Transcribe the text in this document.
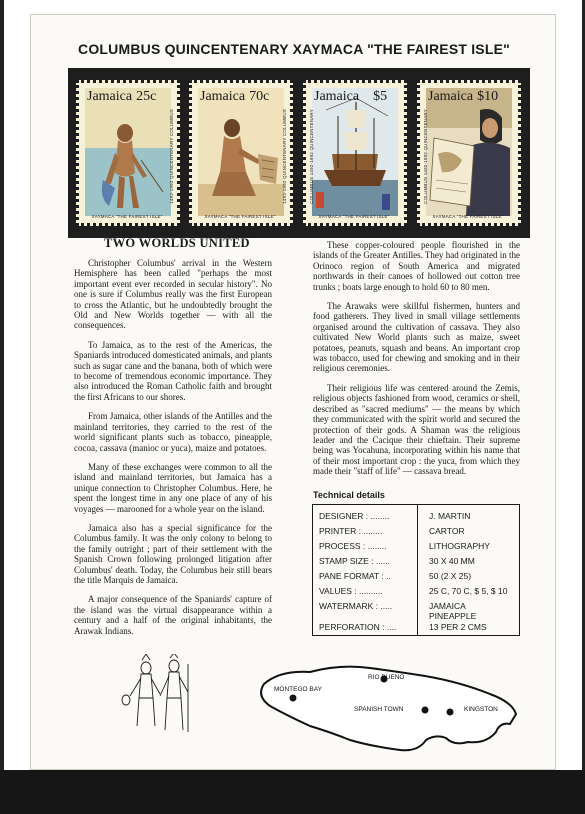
COLUMBUS QUINCENTENARY XAYMACA "THE FAIREST ISLE"
Jamaica 25c
1492-1992 QUINCENTENARY COLUMBUS
XAYMACA "THE FAIREST ISLE"
Jamaica 70c
1492-1992 QUINCENTENARY COLUMBUS
XAYMACA "THE FAIREST ISLE"
Jamaica $5
COLUMBUS 1492-1992 QUINCENTENARY
XAYMACA "THE FAIREST ISLE"
Jamaica $10
COLUMBUS 1492-1992 QUINCENTENARY
XAYMACA "THE FAIREST ISLE"
TWO WORLDS UNITED

Christopher Columbus' arrival in the Western Hemisphere has been called "perhaps the most important event ever recorded in secular history". No one is sure if Columbus really was the first European to cross the Atlantic, but he undoubtedly brought the Old and New Worlds together — with all the consequences.

To Jamaica, as to the rest of the Americas, the Spaniards introduced domesticated animals, and plants such as sugar cane and the banana, both of which were to become of tremendous economic importance. They also introduced the Roman Catholic faith and brought the first Africans to our shores.

From Jamaica, other islands of the Antilles and the mainland territories, they carried to the rest of the world significant plants such as tobacco, pineapple, cocoa, cassava (manioc or yuca), maize and potatoes.

Many of these exchanges were common to all the island and mainland territories, but Jamaica has a unique connection to Christopher Columbus. Here, he spent the longest time in any one place of any of his voyages — marooned for a whole year on the island.

Jamaica also has a special significance for the Columbus family. It was the only colony to belong to the family outright ; part of their settlement with the Spanish Crown following prolonged litigation after Columbus' death. Today, the Columbus heir still bears the title Marquis de Jamaica.

A major consequence of the Spaniards' capture of the island was the virtual disappearance within a century and a half of the original inhabitants, the Arawak Indians.

These copper-coloured people flourished in the islands of the Greater Antilles. They had originated in the Orinoco region of South America and migrated northwards in their canoes of hollowed out cotton tree trunks ; boats large enough to hold 60 to 80 men.

The Arawaks were skillful fishermen, hunters and food gatherers. They lived in small village settlements organised around the cultivation of cassava. They also cultivated New World plants such as maize, sweet potatoes, peanuts, squash and beans. An important crop was tobacco, used for chewing and smoking and in their religious ceremonies.

Their religious life was centered around the Zemis, religious objects fashioned from wood, ceramics or shell, described as "sacred mediums" — the means by which they communicated with the spirit world and secured the protection of their gods. A Shaman was the religious leader and the Cacique their chieftain. Their supreme being was Yocahuna, incorporating within his name that of their most important crop : the yuca, from which they made their "staff of life" — cassava bread.

Technical details
DESIGNER : ........	J. MARTIN
PRINTER : ........	CARTOR
PROCESS : ........	LITHOGRAPHY
STAMP SIZE : ......	30 X 40 MM
PANE FORMAT : ..	50 (2 X 25)
VALUES : ..........	25 C, 70 C, $ 5, $ 10
WATERMARK : .....	JAMAICA
PINEAPPLE
PERFORATION : ....	13 PER 2 CMS
MONTEGO BAY
RIO BUENO
SPANISH TOWN	KINGSTON
